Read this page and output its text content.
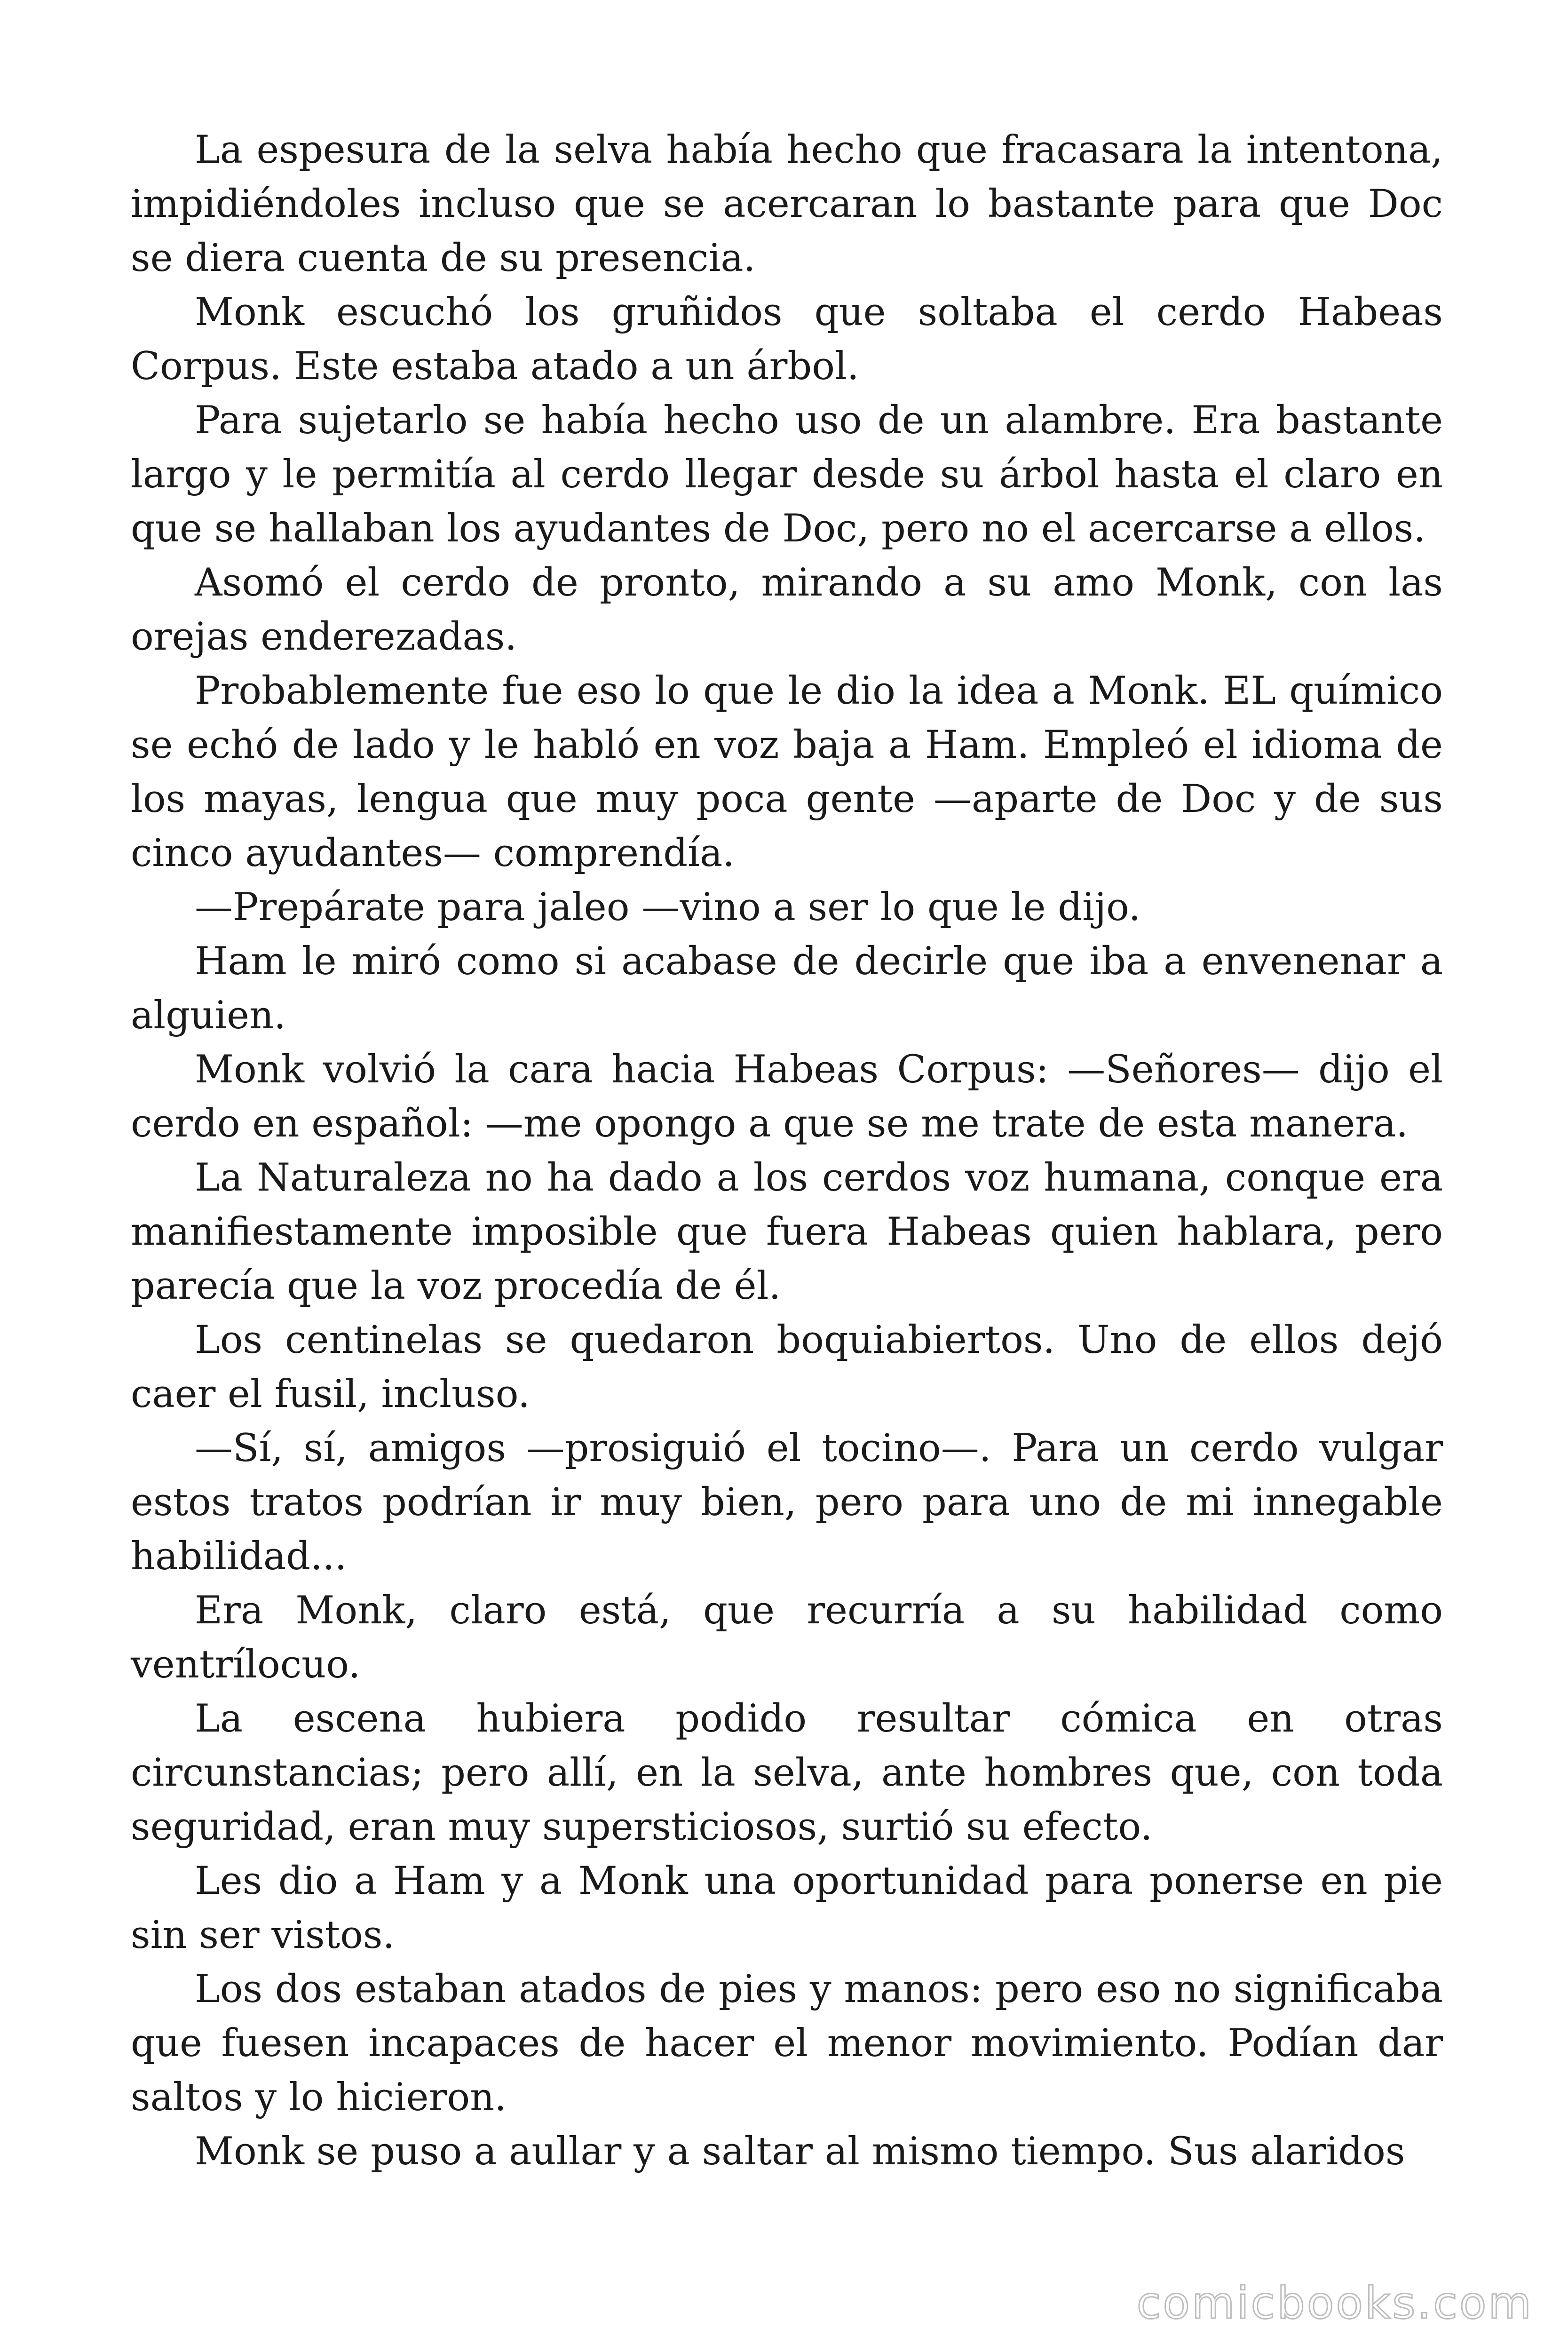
La espesura de la selva había hecho que fracasara la intentona, impidiéndoles incluso que se acercaran lo bastante para que Doc se diera cuenta de su presencia.

Monk escuchó los gruñidos que soltaba el cerdo Habeas Corpus. Este estaba atado a un árbol.

Para sujetarlo se había hecho uso de un alambre. Era bastante largo y le permitía al cerdo llegar desde su árbol hasta el claro en que se hallaban los ayudantes de Doc, pero no el acercarse a ellos.

Asomó el cerdo de pronto, mirando a su amo Monk, con las orejas enderezadas.

Probablemente fue eso lo que le dio la idea a Monk. EL químico se echó de lado y le habló en voz baja a Ham. Empleó el idioma de los mayas, lengua que muy poca gente —aparte de Doc y de sus cinco ayudantes— comprendía.

—Prepárate para jaleo —vino a ser lo que le dijo.

Ham le miró como si acabase de decirle que iba a envenenar a alguien.

Monk volvió la cara hacia Habeas Corpus: —Señores— dijo el cerdo en español: —me opongo a que se me trate de esta manera.

La Naturaleza no ha dado a los cerdos voz humana, conque era manifiestamente imposible que fuera Habeas quien hablara, pero parecía que la voz procedía de él.

Los centinelas se quedaron boquiabiertos. Uno de ellos dejó caer el fusil, incluso.

—Sí, sí, amigos —prosiguió el tocino—. Para un cerdo vulgar estos tratos podrían ir muy bien, pero para uno de mi innegable habilidad...

Era Monk, claro está, que recurría a su habilidad como ventrílocuo.

La escena hubiera podido resultar cómica en otras circunstancias; pero allí, en la selva, ante hombres que, con toda seguridad, eran muy supersticiosos, surtió su efecto.

Les dio a Ham y a Monk una oportunidad para ponerse en pie sin ser vistos.

Los dos estaban atados de pies y manos: pero eso no significaba que fuesen incapaces de hacer el menor movimiento. Podían dar saltos y lo hicieron.

Monk se puso a aullar y a saltar al mismo tiempo. Sus alaridos

comicbooks.com
